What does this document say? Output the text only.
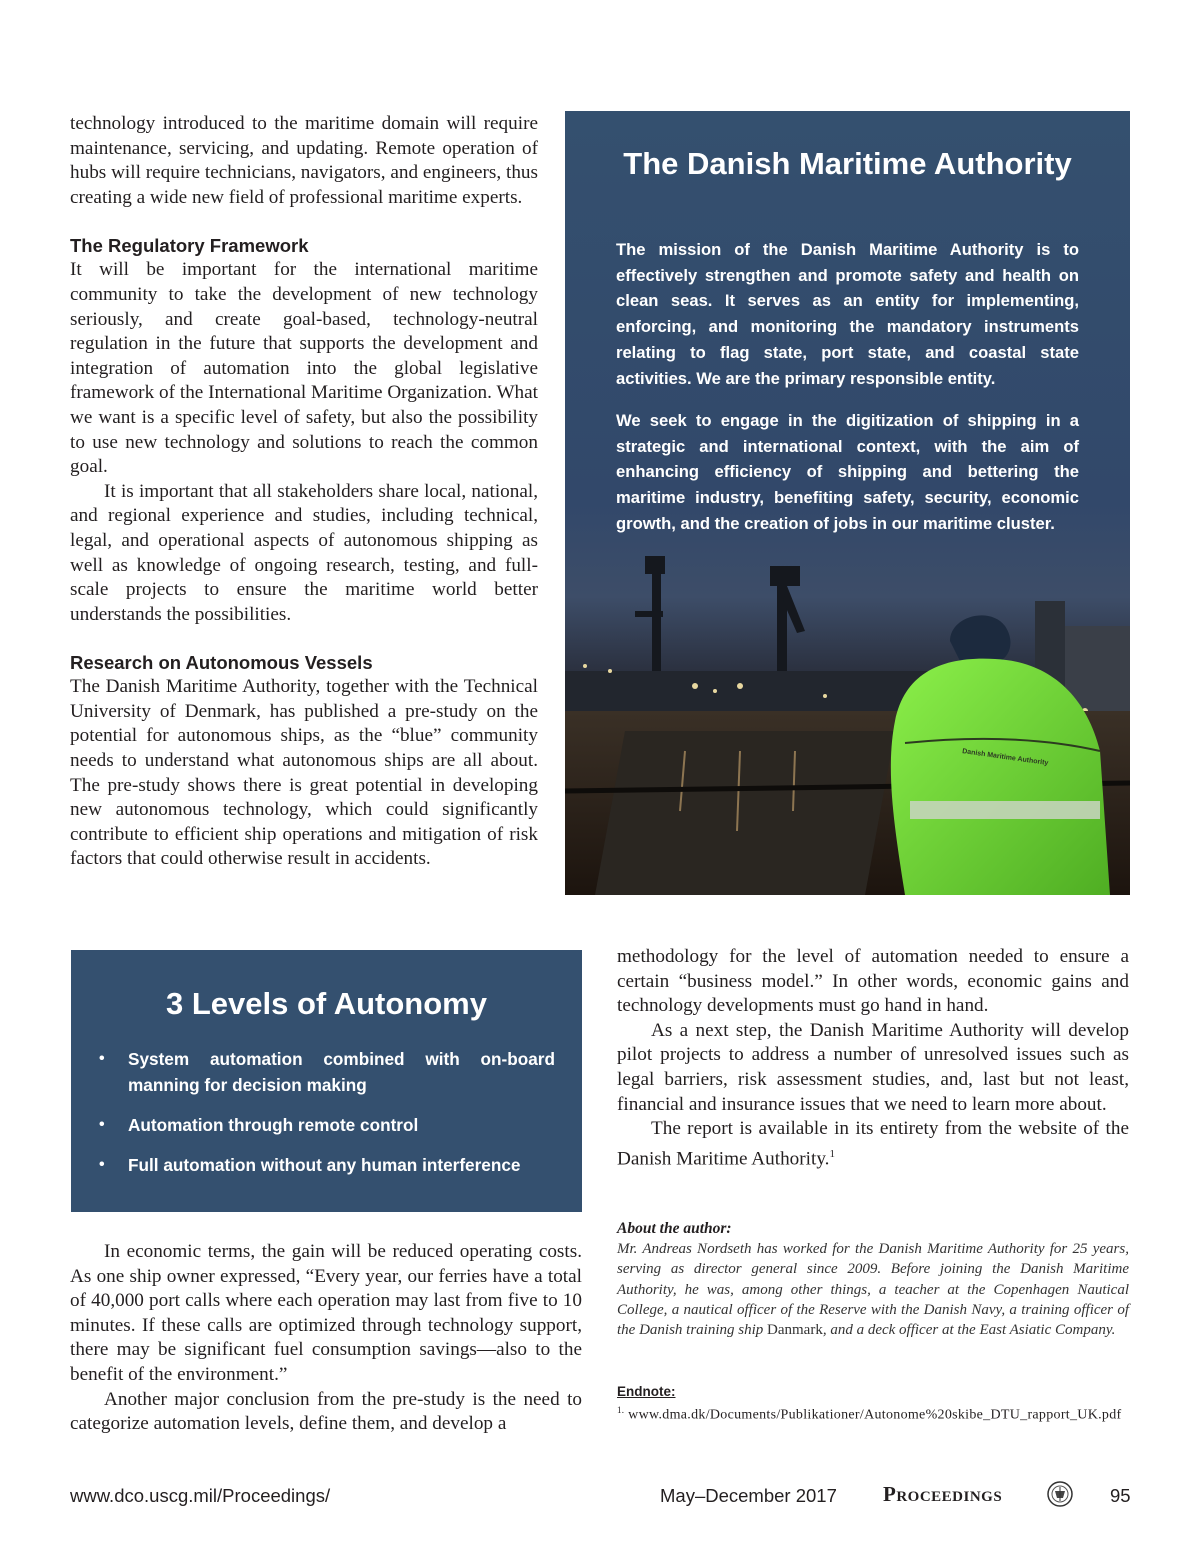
technology introduced to the maritime domain will require maintenance, servicing, and updating. Remote operation of hubs will require technicians, navigators, and engineers, thus creating a wide new field of professional maritime experts.

The Regulatory Framework

It will be important for the international maritime community to take the development of new technology seriously, and create goal-based, technology-neutral regulation in the future that supports the development and integration of automation into the global legislative framework of the International Maritime Organization. What we want is a specific level of safety, but also the possibility to use new technology and solutions to reach the common goal.

It is important that all stakeholders share local, national, and regional experience and studies, including technical, legal, and operational aspects of autonomous shipping as well as knowledge of ongoing research, testing, and full-scale projects to ensure the maritime world better understands the possibilities.

Research on Autonomous Vessels

The Danish Maritime Authority, together with the Technical University of Denmark, has published a pre-study on the potential for autonomous ships, as the “blue” community needs to understand what autonomous ships are all about. The pre-study shows there is great potential in developing new autonomous technology, which could significantly contribute to efficient ship operations and mitigation of risk factors that could otherwise result in accidents.

Danish Maritime Authority
The Danish Maritime Authority

The mission of the Danish Maritime Authority is to effectively strengthen and promote safety and health on clean seas. It serves as an entity for implementing, enforcing, and monitoring the mandatory instruments relating to flag state, port state, and coastal state activities. We are the primary responsible entity.

We seek to engage in the digitization of shipping in a strategic and international context, with the aim of enhancing efficiency of shipping and bettering the maritime industry, benefiting safety, security, economic growth, and the creation of jobs in our maritime cluster.

3 Levels of Autonomy
• System automation combined with on-board manning for decision making
• Automation through remote control
• Full automation without any human interference

In economic terms, the gain will be reduced operating costs. As one ship owner expressed, “Every year, our ferries have a total of 40,000 port calls where each operation may last from five to 10 minutes. If these calls are optimized through technology support, there may be significant fuel consumption savings—also to the benefit of the environment.”

Another major conclusion from the pre-study is the need to categorize automation levels, define them, and develop a

methodology for the level of automation needed to ensure a certain “business model.” In other words, economic gains and technology developments must go hand in hand.

As a next step, the Danish Maritime Authority will develop pilot projects to address a number of unresolved issues such as legal barriers, risk assessment studies, and, last but not least, financial and insurance issues that we need to learn more about.

The report is available in its entirety from the website of the Danish Maritime Authority.$^1$

About the author:

Mr. Andreas Nordseth has worked for the Danish Maritime Authority for 25 years, serving as director general since 2009. Before joining the Danish Maritime Authority, he was, among other things, a teacher at the Copenhagen Nautical College, a nautical officer of the Reserve with the Danish Navy, a training officer of the Danish training ship Danmark, and a deck officer at the East Asiatic Company.

Endnote:

$^{1.}$ www.dma.dk/Documents/Publikationer/Autonome%20skibe_DTU_rapport_UK.pdf

www.dco.uscg.mil/Proceedings/	May–December 2017 Proceedings	95
